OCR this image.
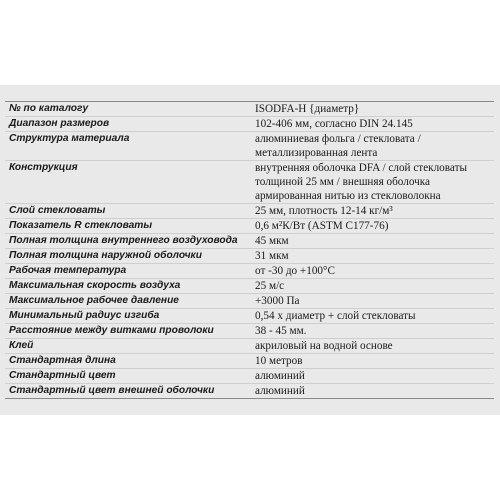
№ по каталогу	ISODFA-H {диаметр}
Диапазон размеров	102-406 мм, согласно DIN 24.145
Структура материала	алюминиевая фольга / стекловата /
металлизированная лента
Конструкция	внутренняя оболочка DFA / слой стекловаты
толщиной 25 мм / внешняя оболочка
армированная нитью из стекловолокна
Слой стекловаты	25 мм, плотность 12-14 кг/м³
Показатель R стекловаты	0,6 м²К/Вт (ASTM C177-76)
Полная толщина внутреннего воздуховода	45 мкм
Полная толщина наружной оболочки	31 мкм
Рабочая температура	от -30 до +100°C
Максимальная скорость воздуха	25 м/с
Максимальное рабочее давление	+3000 Па
Минимальный радиус изгиба	0,54 х диаметр + слой стекловаты
Расстояние между витками проволоки	38 - 45 мм.
Клей	акриловый на водной основе
Стандартная длина	10 метров
Стандартный цвет	алюминий
Стандартный цвет внешней оболочки	алюминий
